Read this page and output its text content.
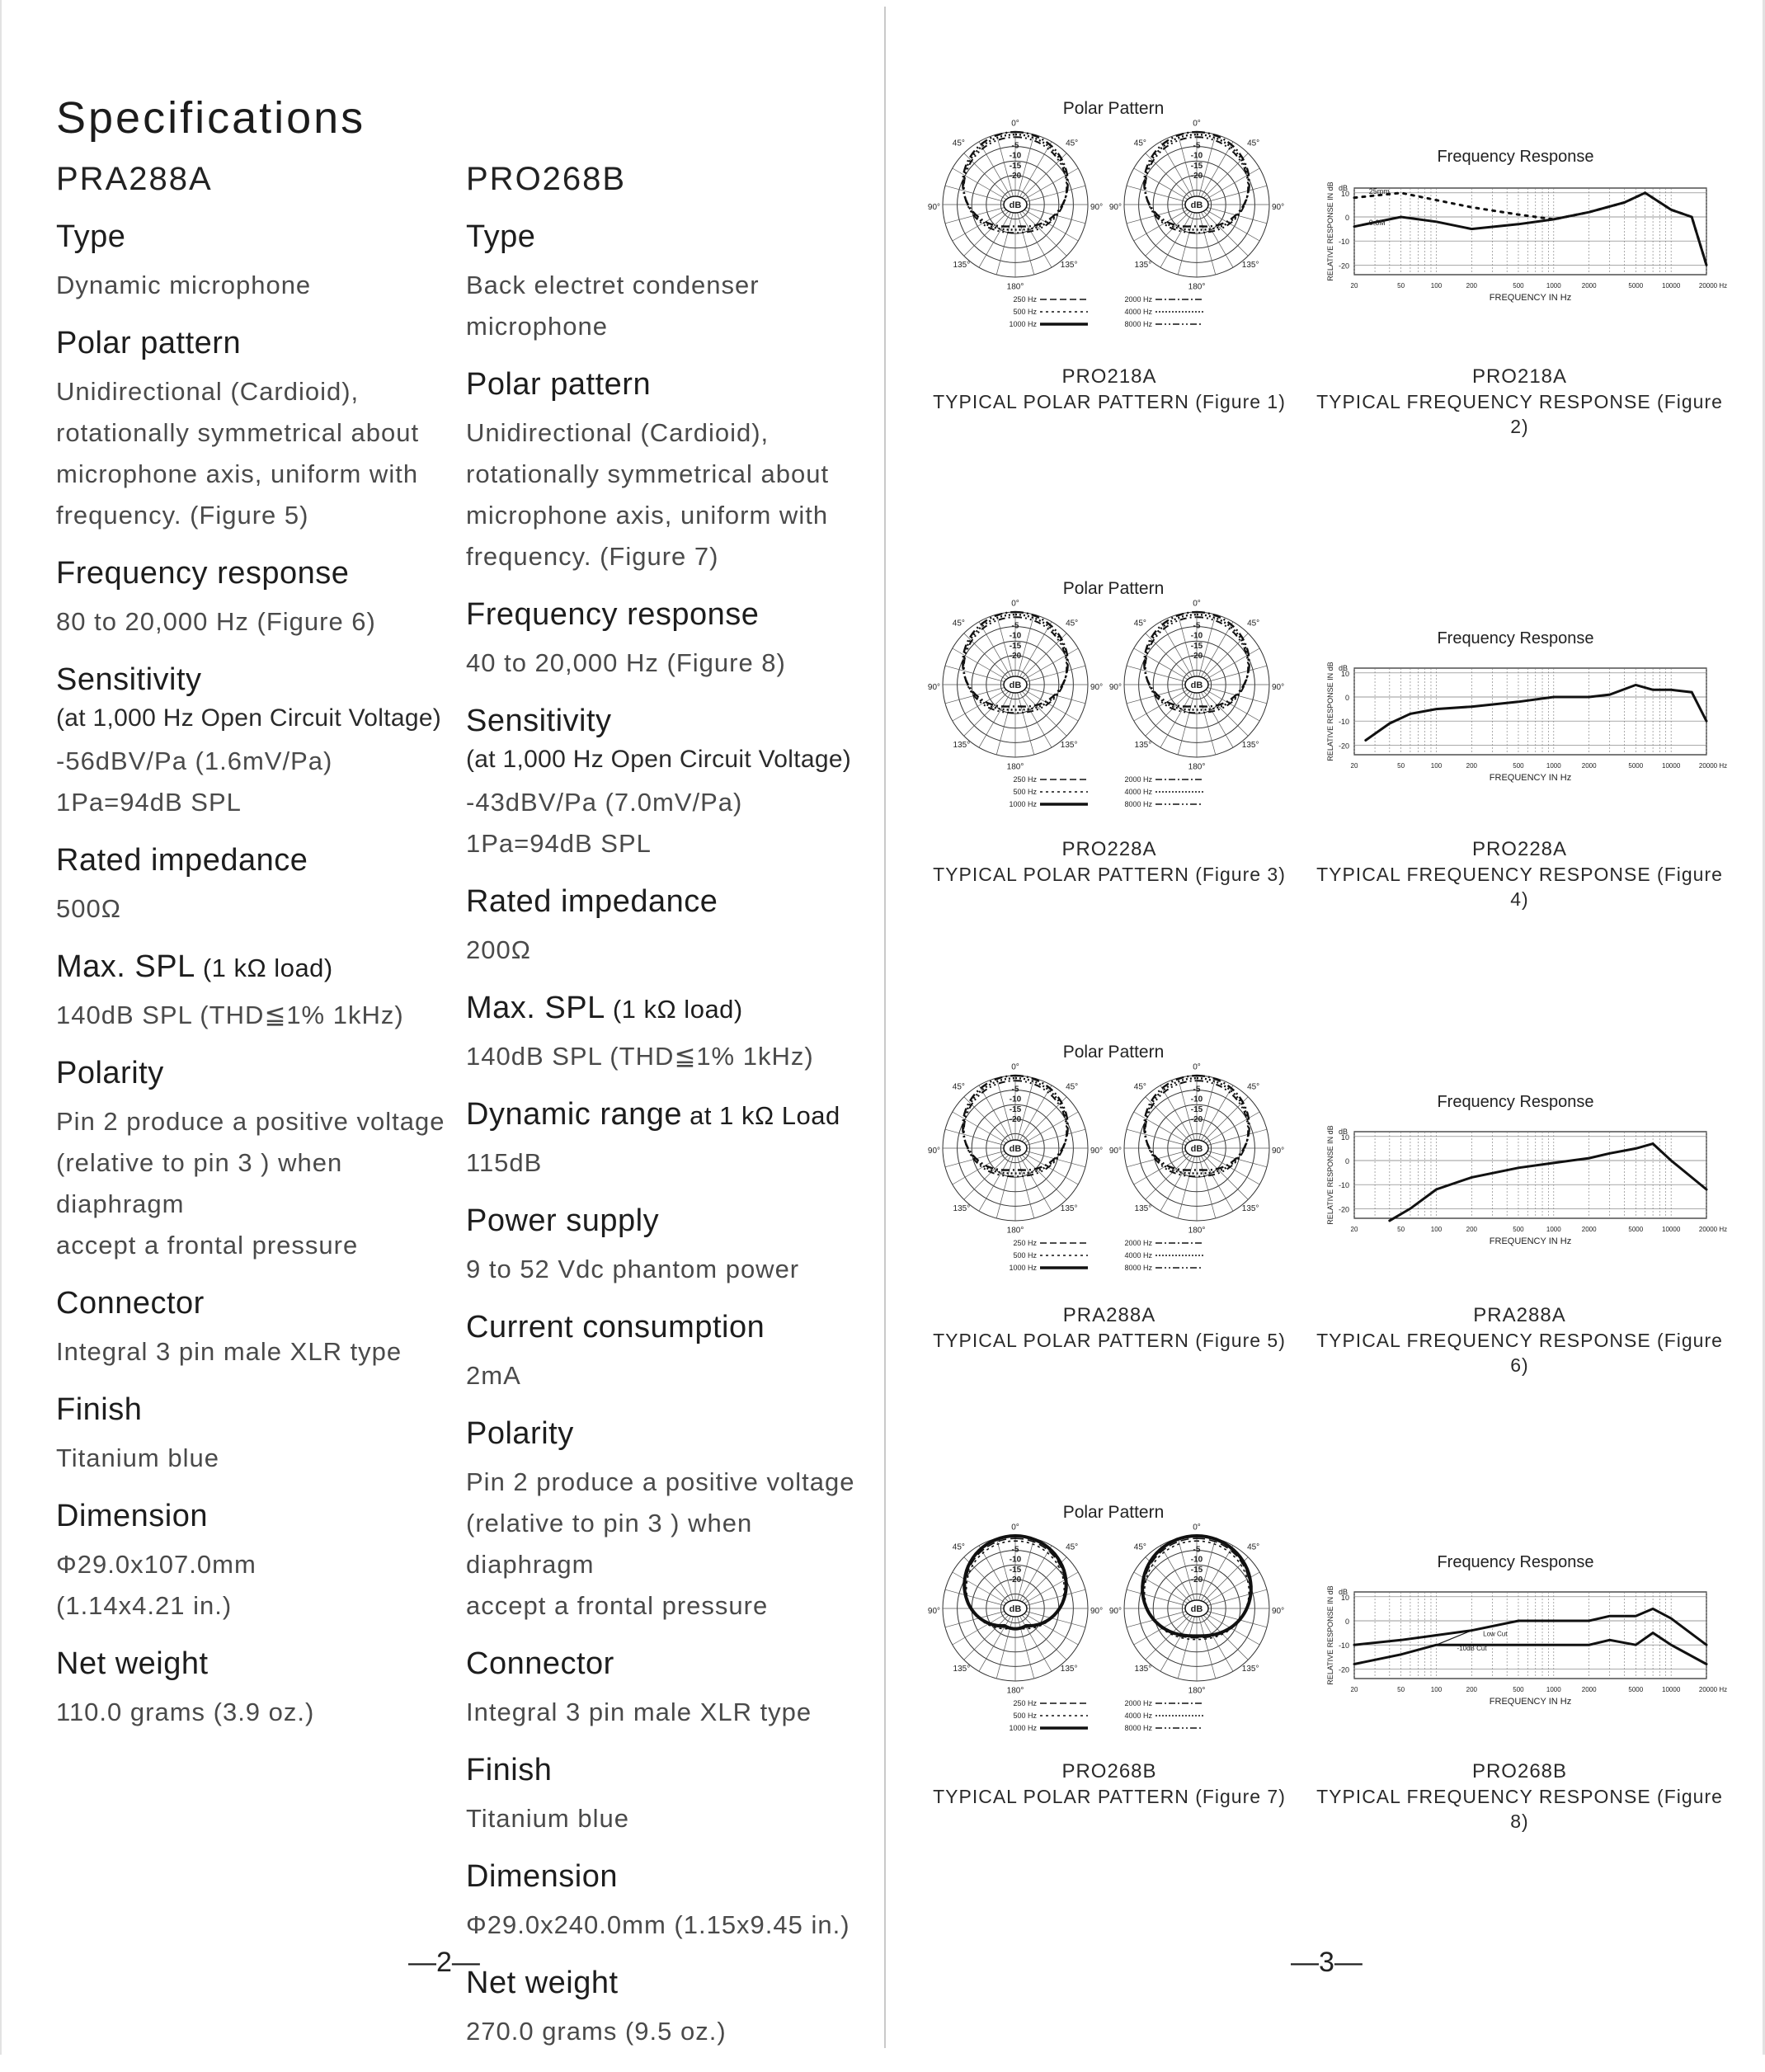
Specifications
PRA288A
Type
Dynamic microphone
Polar pattern
Unidirectional (Cardioid),
rotationally symmetrical about
microphone axis, uniform with
frequency. (Figure 5)
Frequency response
80 to 20,000 Hz (Figure 6)
Sensitivity
(at 1,000 Hz Open Circuit Voltage)
-56dBV/Pa (1.6mV/Pa)
1Pa=94dB SPL
Rated impedance
500Ω
Max. SPL (1 kΩ load)
140dB SPL (THD≦1% 1kHz)
Polarity
Pin 2 produce a positive voltage
(relative to pin 3 ) when diaphragm
accept a frontal pressure
Connector
Integral 3 pin male XLR type
Finish
Titanium blue
Dimension
Φ29.0x107.0mm
(1.14x4.21 in.)
Net weight
110.0 grams (3.9 oz.)
PRO268B
Type
Back electret condenser microphone
Polar pattern
Unidirectional (Cardioid),
rotationally symmetrical about
microphone axis, uniform with
frequency. (Figure 7)
Frequency response
40 to 20,000 Hz (Figure 8)
Sensitivity
(at 1,000 Hz Open Circuit Voltage)
-43dBV/Pa (7.0mV/Pa)
1Pa=94dB SPL
Rated impedance
200Ω
Max. SPL (1 kΩ load)
140dB SPL (THD≦1% 1kHz)
Dynamic range at 1 kΩ Load
115dB
Power supply
9 to 52 Vdc phantom power
Current consumption
2mA
Polarity
Pin 2 produce a positive voltage
(relative to pin 3 ) when diaphragm
accept a frontal pressure
Connector
Integral 3 pin male XLR type
Finish
Titanium blue
Dimension
Φ29.0x240.0mm (1.15x9.45 in.)
Net weight
270.0 grams (9.5 oz.)
—2—	—3—
Polar Pattern
0°
45°	45°
90°	90°
135°	135°
180°
-5
-10
-15
-20
dB
0°
45°	45°
90°	90°
135°	135°
180°
-5
-10
-15
-20
dB
250 Hz
500 Hz
1000 Hz
2000 Hz
4000 Hz
8000 Hz
PRO218A
TYPICAL POLAR PATTERN (Figure 1)
Frequency Response
dB
10
0
-10
-20
20	50	100	200	500	1000	2000	5000	10000	20000 Hz
FREQUENCY IN Hz
RELATIVE RESPONSE IN dB	25mm
0.6M
PRO218A
TYPICAL FREQUENCY RESPONSE (Figure 2)
Polar Pattern
0°
45°	45°
90°	90°
135°	135°
180°
-5
-10
-15
-20
dB
0°
45°	45°
90°	90°
135°	135°
180°
-5
-10
-15
-20
dB
250 Hz
500 Hz
1000 Hz
2000 Hz
4000 Hz
8000 Hz
PRO228A
TYPICAL POLAR PATTERN (Figure 3)
Frequency Response
dB
10
0
-10
-20
20	50	100	200	500	1000	2000	5000	10000	20000 Hz
FREQUENCY IN Hz
RELATIVE RESPONSE IN dB
PRO228A
TYPICAL FREQUENCY RESPONSE (Figure 4)
Polar Pattern
0°
45°	45°
90°	90°
135°	135°
180°
-5
-10
-15
-20
dB
0°
45°	45°
90°	90°
135°	135°
180°
-5
-10
-15
-20
dB
250 Hz
500 Hz
1000 Hz
2000 Hz
4000 Hz
8000 Hz
PRA288A
TYPICAL POLAR PATTERN (Figure 5)
Frequency Response
dB
10
0
-10
-20
20	50	100	200	500	1000	2000	5000	10000	20000 Hz
FREQUENCY IN Hz
RELATIVE RESPONSE IN dB
PRA288A
TYPICAL FREQUENCY RESPONSE (Figure 6)
Polar Pattern
0°
45°	45°
90°	90°
135°	135°
180°
-5
-10
-15
-20
dB
0°
45°	45°
90°	90°
135°	135°
180°
-5
-10
-15
-20
dB
250 Hz
500 Hz
1000 Hz
2000 Hz
4000 Hz
8000 Hz
PRO268B
TYPICAL POLAR PATTERN (Figure 7)
Frequency Response
dB
10
0
-10
-20
20	50	100	200	500	1000	2000	5000	10000	20000 Hz
FREQUENCY IN Hz
RELATIVE RESPONSE IN dB	Low Cut
-10dB Cut
PRO268B
TYPICAL FREQUENCY RESPONSE (Figure 8)
